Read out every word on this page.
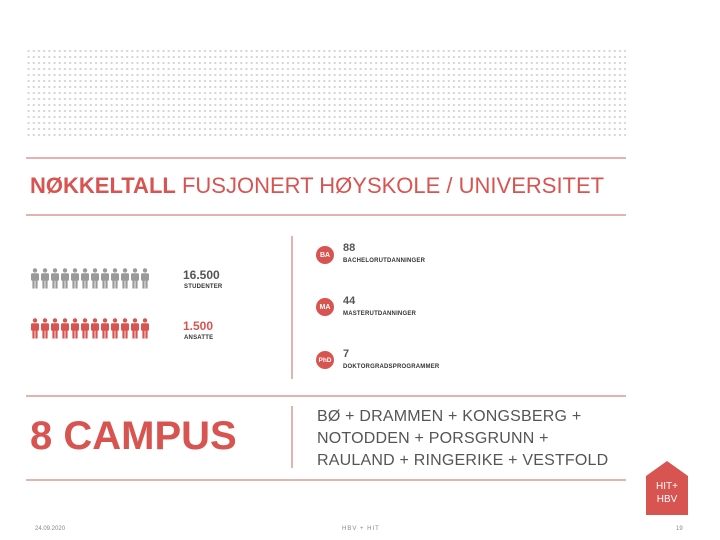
NØKKELTALL FUSJONERT HØYSKOLE / UNIVERSITET
16.500
STUDENTER
1.500
ANSATTE
BA
88
BACHELORUTDANNINGER
MA	44
MASTERUTDANNINGER
PhD 7
DOKTORGRADSPROGRAMMER
8 CAMPUS	BØ + DRAMMEN + KONGSBERG +
NOTODDEN + PORSGRUNN +
RAULAND + RINGERIKE + VESTFOLD
HIT+
HBV
24.09.2020	HBV + HIT	19
